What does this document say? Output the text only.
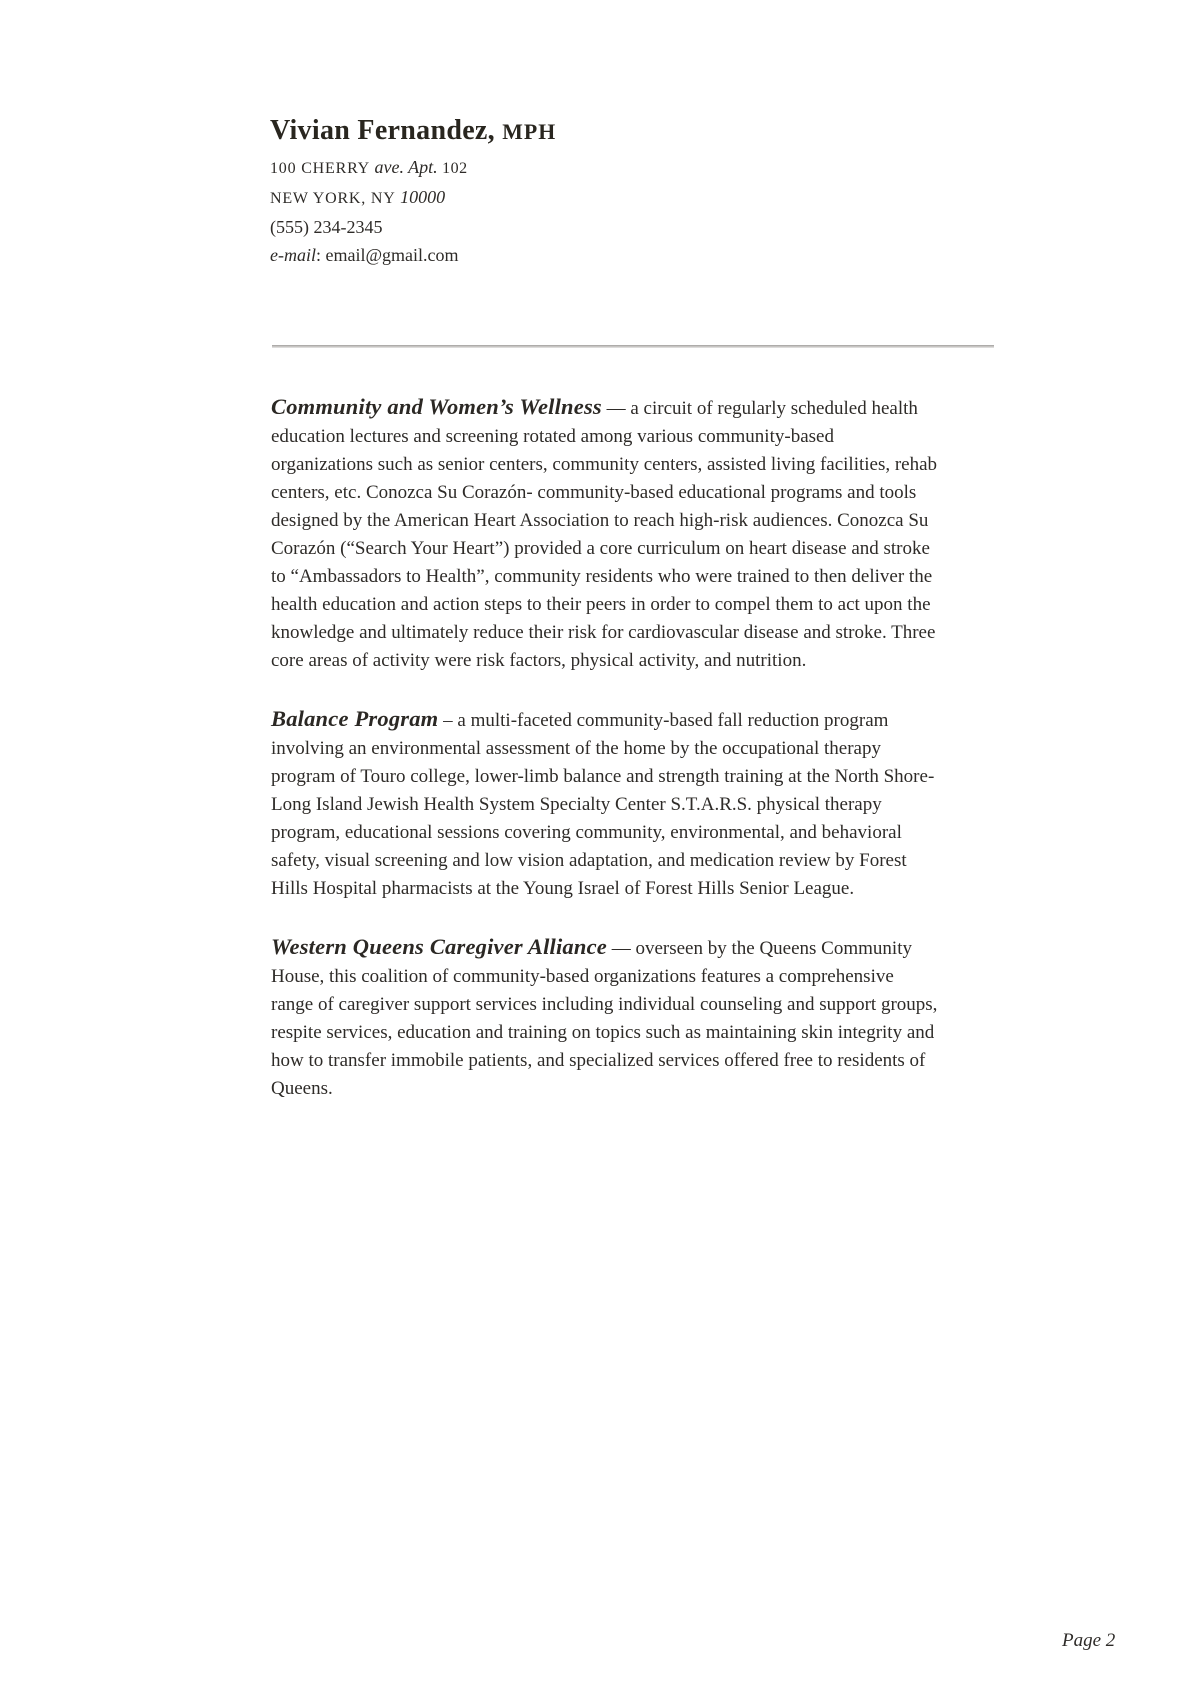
Vivian Fernandez, MPH
100 CHERRY ave. Apt. 102
NEW YORK, NY 10000
(555) 234-2345
e-mail: email@gmail.com

Community and Women’s Wellness — a circuit of regularly scheduled health education lectures and screening rotated among various community-based organizations such as senior centers, community centers, assisted living facilities, rehab centers, etc. Conozca Su Corazón- community-based educational programs and tools designed by the American Heart Association to reach high-risk audiences. Conozca Su Corazón (“Search Your Heart”) provided a core curriculum on heart disease and stroke to “Ambassadors to Health”, community residents who were trained to then deliver the health education and action steps to their peers in order to compel them to act upon the knowledge and ultimately reduce their risk for cardiovascular disease and stroke. Three core areas of activity were risk factors, physical activity, and nutrition.

Balance Program – a multi-faceted community-based fall reduction program involving an environmental assessment of the home by the occupational therapy program of Touro college, lower-limb balance and strength training at the North Shore-Long Island Jewish Health System Specialty Center S.T.A.R.S. physical therapy program, educational sessions covering community, environmental, and behavioral safety, visual screening and low vision adaptation, and medication review by Forest Hills Hospital pharmacists at the Young Israel of Forest Hills Senior League.

Western Queens Caregiver Alliance — overseen by the Queens Community House, this coalition of community-based organizations features a comprehensive range of caregiver support services including individual counseling and support groups, respite services, education and training on topics such as maintaining skin integrity and how to transfer immobile patients, and specialized services offered free to residents of Queens.

Page 2
